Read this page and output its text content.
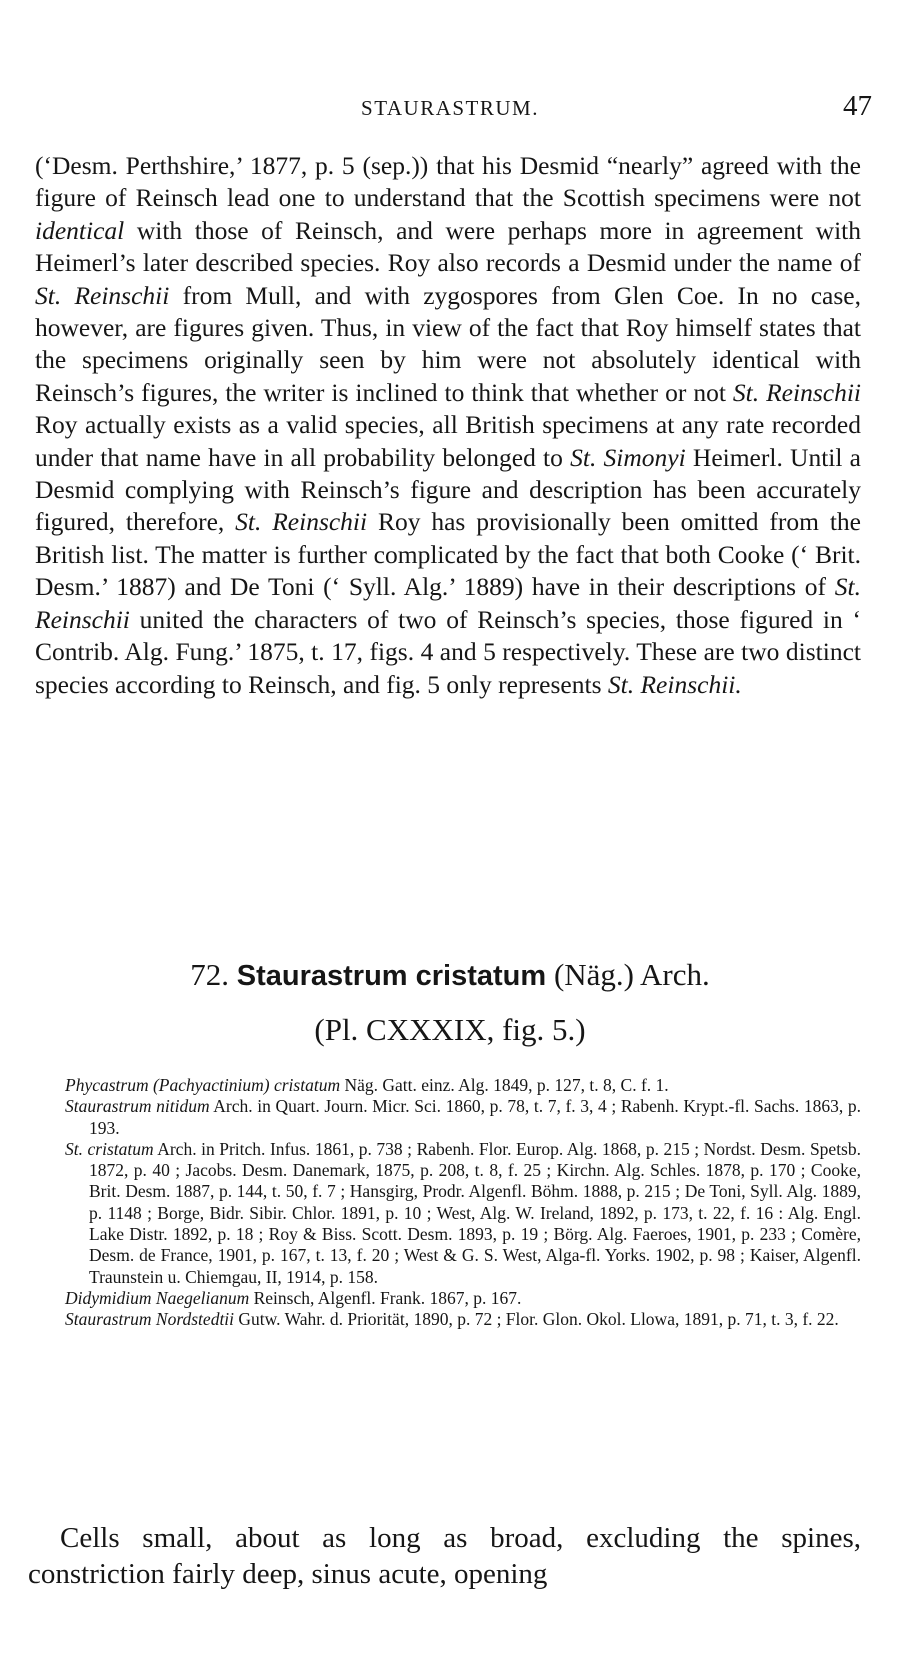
STAURASTRUM.	47

(‘Desm. Perthshire,’ 1877, p. 5 (sep.)) that his Desmid “nearly” agreed with the figure of Reinsch lead one to understand that the Scottish specimens were not identical with those of Reinsch, and were perhaps more in agreement with Heimerl’s later described species. Roy also records a Desmid under the name of St. Reinschii from Mull, and with zygospores from Glen Coe. In no case, however, are figures given. Thus, in view of the fact that Roy himself states that the specimens originally seen by him were not absolutely identical with Reinsch’s figures, the writer is inclined to think that whether or not St. Reinschii Roy actually exists as a valid species, all British specimens at any rate recorded under that name have in all probability belonged to St. Simonyi Heimerl. Until a Desmid complying with Reinsch’s figure and description has been accurately figured, therefore, St. Reinschii Roy has provisionally been omitted from the British list. The matter is further complicated by the fact that both Cooke (‘ Brit. Desm.’ 1887) and De Toni (‘ Syll. Alg.’ 1889) have in their descriptions of St. Reinschii united the characters of two of Reinsch’s species, those figured in ‘ Contrib. Alg. Fung.’ 1875, t. 17, figs. 4 and 5 respectively. These are two distinct species according to Reinsch, and fig. 5 only represents St. Reinschii.

72. Staurastrum cristatum (Näg.) Arch.
(Pl. CXXXIX, fig. 5.)

Phycastrum (Pachyactinium) cristatum Näg. Gatt. einz. Alg. 1849, p. 127, t. 8, C. f. 1.

Staurastrum nitidum Arch. in Quart. Journ. Micr. Sci. 1860, p. 78, t. 7, f. 3, 4 ; Rabenh. Krypt.-fl. Sachs. 1863, p. 193.

St. cristatum Arch. in Pritch. Infus. 1861, p. 738 ; Rabenh. Flor. Europ. Alg. 1868, p. 215 ; Nordst. Desm. Spetsb. 1872, p. 40 ; Jacobs. Desm. Danemark, 1875, p. 208, t. 8, f. 25 ; Kirchn. Alg. Schles. 1878, p. 170 ; Cooke, Brit. Desm. 1887, p. 144, t. 50, f. 7 ; Hansgirg, Prodr. Algenfl. Böhm. 1888, p. 215 ; De Toni, Syll. Alg. 1889, p. 1148 ; Borge, Bidr. Sibir. Chlor. 1891, p. 10 ; West, Alg. W. Ireland, 1892, p. 173, t. 22, f. 16 : Alg. Engl. Lake Distr. 1892, p. 18 ; Roy & Biss. Scott. Desm. 1893, p. 19 ; Börg. Alg. Faeroes, 1901, p. 233 ; Comère, Desm. de France, 1901, p. 167, t. 13, f. 20 ; West & G. S. West, Alga-fl. Yorks. 1902, p. 98 ; Kaiser, Algenfl. Traunstein u. Chiemgau, II, 1914, p. 158.

Didymidium Naegelianum Reinsch, Algenfl. Frank. 1867, p. 167.

Staurastrum Nordstedtii Gutw. Wahr. d. Priorität, 1890, p. 72 ; Flor. Glon. Okol. Llowa, 1891, p. 71, t. 3, f. 22.

Cells small, about as long as broad, excluding the spines, constriction fairly deep, sinus acute, opening
